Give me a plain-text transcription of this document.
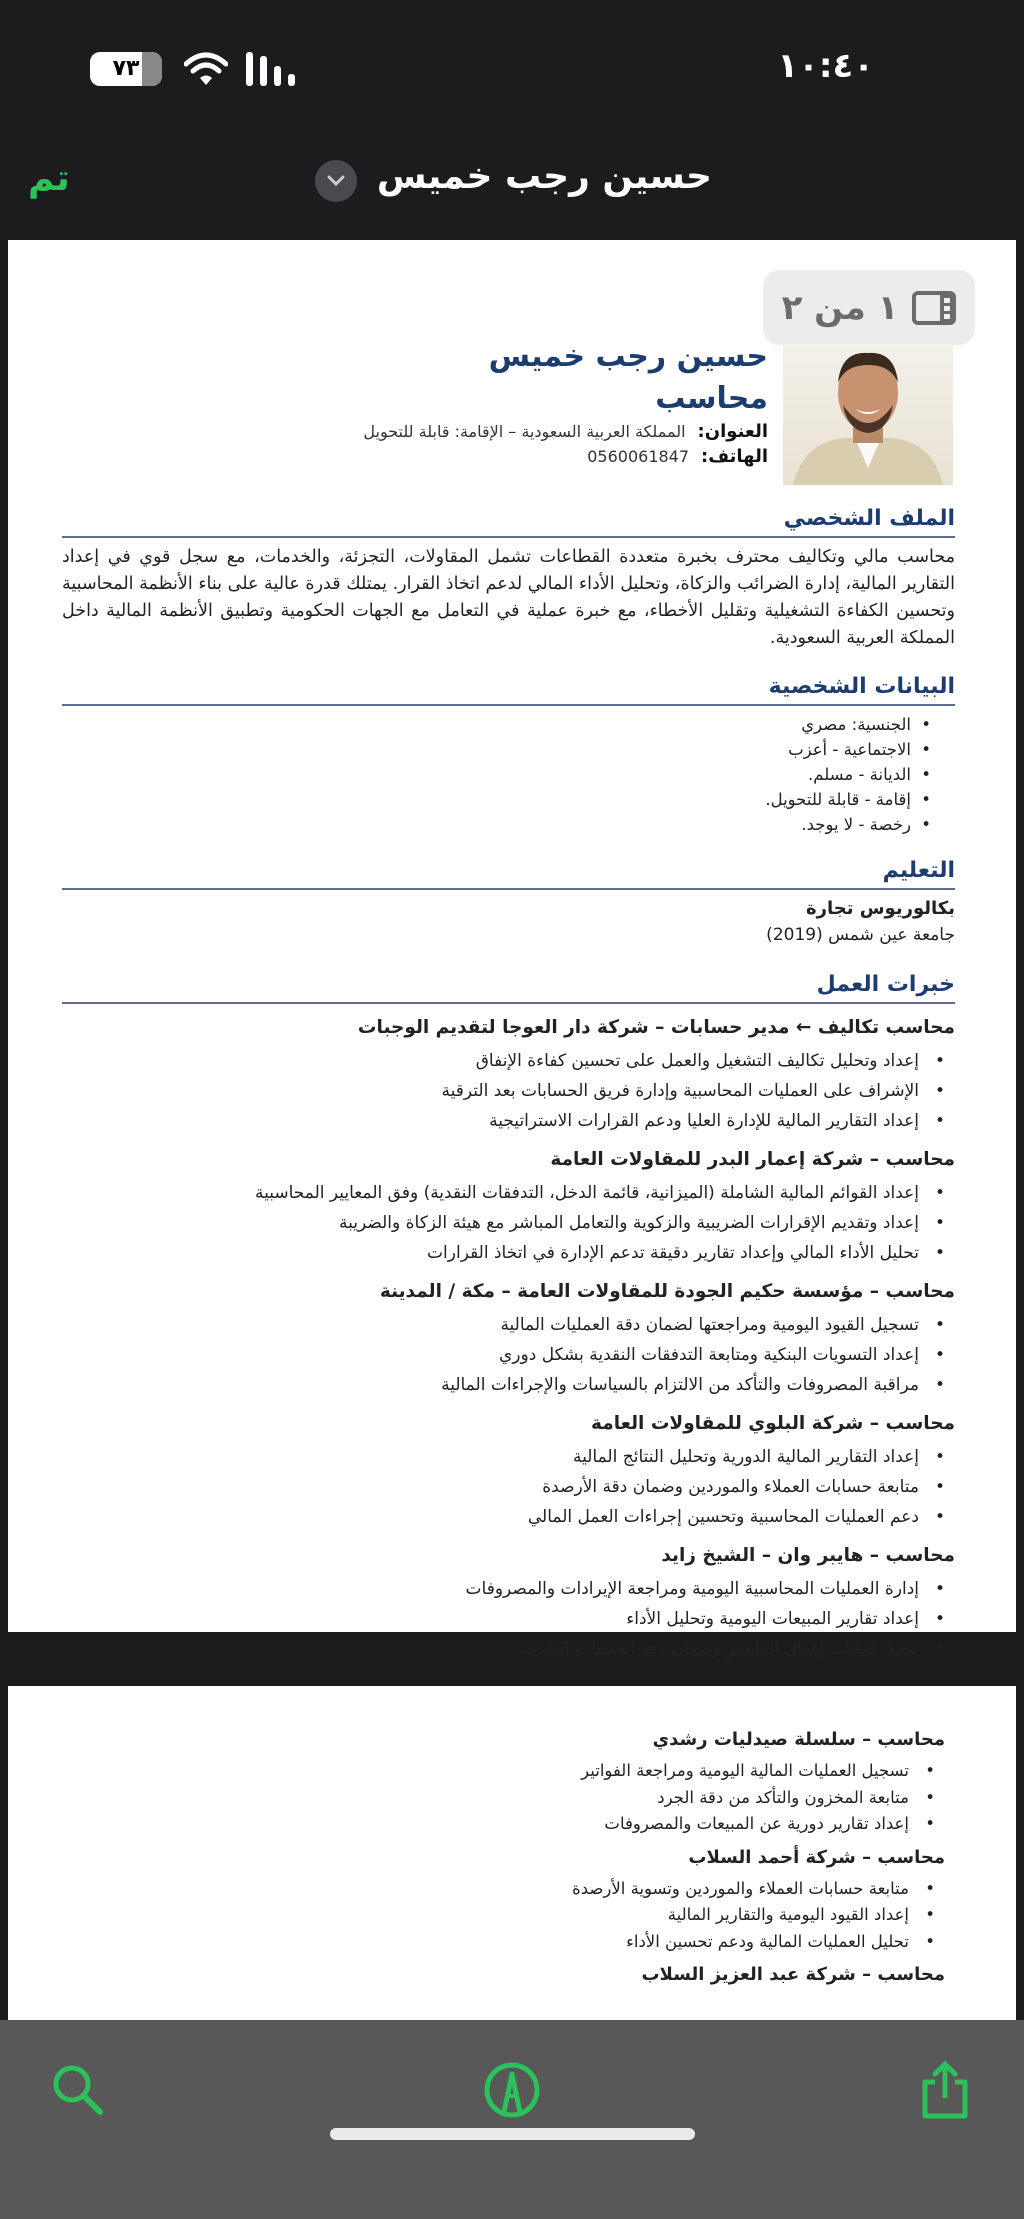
٧٣	١٠:٤٠
تم	حسين رجب خميس
١ من ٢
حسين رجب خميس
محاسب
العنوان:المملكة العربية السعودية – الإقامة: قابلة للتحويل
الهاتف:0560061847
الملف الشخصي

محاسب مالي وتكاليف محترف بخبرة متعددة القطاعات تشمل المقاولات، التجزئة، والخدمات، مع سجل قوي في إعداد التقارير المالية، إدارة الضرائب والزكاة، وتحليل الأداء المالي لدعم اتخاذ القرار. يمتلك قدرة عالية على بناء الأنظمة المحاسبية وتحسين الكفاءة التشغيلية وتقليل الأخطاء، مع خبرة عملية في التعامل مع الجهات الحكومية وتطبيق الأنظمة المالية داخل المملكة العربية السعودية.

البيانات الشخصية
• الجنسية: مصري
• الاجتماعية - أعزب
• الديانة - مسلم.
• إقامة - قابلة للتحويل.
• رخصة - لا يوجد.
التعليم
بكالوريوس تجارة
جامعة عين شمس (2019)
خبرات العمل
محاسب تكاليف ← مدير حسابات – شركة دار العوجا لتقديم الوجبات
• إعداد وتحليل تكاليف التشغيل والعمل على تحسين كفاءة الإنفاق
• الإشراف على العمليات المحاسبية وإدارة فريق الحسابات بعد الترقية
• إعداد التقارير المالية للإدارة العليا ودعم القرارات الاستراتيجية
محاسب – شركة إعمار البدر للمقاولات العامة
• إعداد القوائم المالية الشاملة (الميزانية، قائمة الدخل، التدفقات النقدية) وفق المعايير المحاسبية
• إعداد وتقديم الإقرارات الضريبية والزكوية والتعامل المباشر مع هيئة الزكاة والضريبة
• تحليل الأداء المالي وإعداد تقارير دقيقة تدعم الإدارة في اتخاذ القرارات
محاسب – مؤسسة حكيم الجودة للمقاولات العامة – مكة / المدينة
• تسجيل القيود اليومية ومراجعتها لضمان دقة العمليات المالية
• إعداد التسويات البنكية ومتابعة التدفقات النقدية بشكل دوري
• مراقبة المصروفات والتأكد من الالتزام بالسياسات والإجراءات المالية
محاسب – شركة البلوي للمقاولات العامة
• إعداد التقارير المالية الدورية وتحليل النتائج المالية
• متابعة حسابات العملاء والموردين وضمان دقة الأرصدة
• دعم العمليات المحاسبية وتحسين إجراءات العمل المالي
محاسب – هايبر وان – الشيخ زايد
• إدارة العمليات المحاسبية اليومية ومراجعة الإيرادات والمصروفات
• إعداد تقارير المبيعات اليومية وتحليل الأداء
• تنفيذ عمليات إقفال الكاشير وضمان دقة العمليات النقدية
محاسب – سلسلة صيدليات رشدي
• تسجيل العمليات المالية اليومية ومراجعة الفواتير
• متابعة المخزون والتأكد من دقة الجرد
• إعداد تقارير دورية عن المبيعات والمصروفات
محاسب – شركة أحمد السلاب
• متابعة حسابات العملاء والموردين وتسوية الأرصدة
• إعداد القيود اليومية والتقارير المالية
• تحليل العمليات المالية ودعم تحسين الأداء
محاسب – شركة عبد العزيز السلاب
